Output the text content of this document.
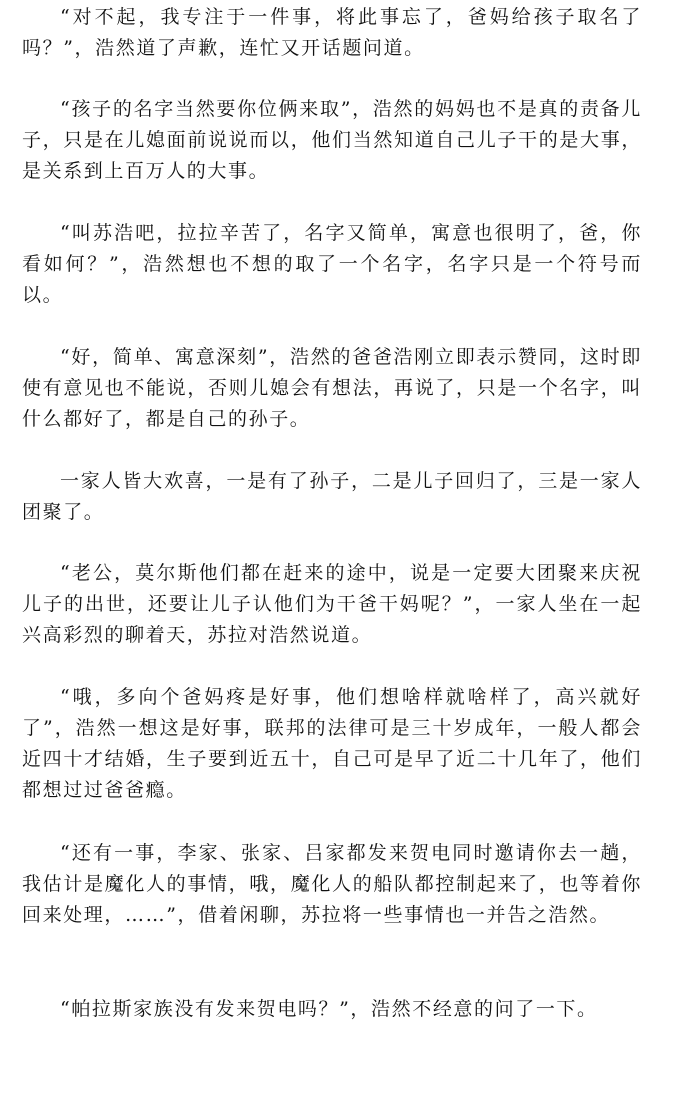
“对不起，我专注于一件事，将此事忘了，爸妈给孩子取名了吗？”，浩然道了声歉，连忙又开话题问道。

“孩子的名字当然要你位俩来取”，浩然的妈妈也不是真的责备儿子，只是在儿媳面前说说而以，他们当然知道自己儿子干的是大事，是关系到上百万人的大事。

“叫苏浩吧，拉拉辛苦了，名字又简单，寓意也很明了，爸，你看如何？”，浩然想也不想的取了一个名字，名字只是一个符号而以。

“好，简单、寓意深刻”，浩然的爸爸浩刚立即表示赞同，这时即使有意见也不能说，否则儿媳会有想法，再说了，只是一个名字，叫什么都好了，都是自己的孙子。

一家人皆大欢喜，一是有了孙子，二是儿子回归了，三是一家人团聚了。

“老公，莫尔斯他们都在赶来的途中，说是一定要大团聚来庆祝儿子的出世，还要让儿子认他们为干爸干妈呢？”，一家人坐在一起兴高彩烈的聊着天，苏拉对浩然说道。

“哦，多向个爸妈疼是好事，他们想啥样就啥样了，高兴就好了”，浩然一想这是好事，联邦的法律可是三十岁成年，一般人都会近四十才结婚，生子要到近五十，自己可是早了近二十几年了，他们都想过过爸爸瘾。

“还有一事，李家、张家、吕家都发来贺电同时邀请你去一趟，我估计是魔化人的事情，哦，魔化人的船队都控制起来了，也等着你回来处理，……”，借着闲聊，苏拉将一些事情也一并告之浩然。

“帕拉斯家族没有发来贺电吗？”，浩然不经意的问了一下。
